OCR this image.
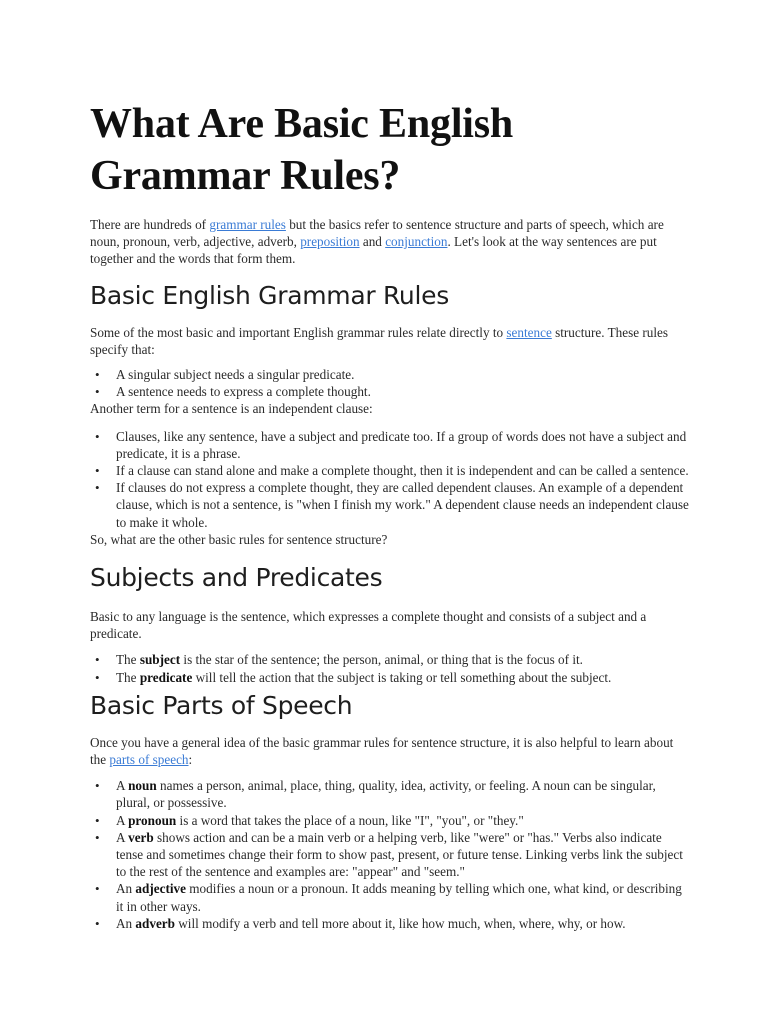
What Are Basic English Grammar Rules?

There are hundreds of grammar rules but the basics refer to sentence structure and parts of speech, which are noun, pronoun, verb, adjective, adverb, preposition and conjunction. Let's look at the way sentences are put together and the words that form them.

Basic English Grammar Rules

Some of the most basic and important English grammar rules relate directly to sentence structure. These rules specify that:

• A singular subject needs a singular predicate.
• A sentence needs to express a complete thought.

Another term for a sentence is an independent clause:

• Clauses, like any sentence, have a subject and predicate too. If a group of words does not have a subject and predicate, it is a phrase.
• If a clause can stand alone and make a complete thought, then it is independent and can be called a sentence.
• If clauses do not express a complete thought, they are called dependent clauses. An example of a dependent clause, which is not a sentence, is "when I finish my work." A dependent clause needs an independent clause to make it whole.

So, what are the other basic rules for sentence structure?

Subjects and Predicates

Basic to any language is the sentence, which expresses a complete thought and consists of a subject and a predicate.

• The subject is the star of the sentence; the person, animal, or thing that is the focus of it.
• The predicate will tell the action that the subject is taking or tell something about the subject.
Basic Parts of Speech

Once you have a general idea of the basic grammar rules for sentence structure, it is also helpful to learn about the parts of speech:

• A noun names a person, animal, place, thing, quality, idea, activity, or feeling. A noun can be singular, plural, or possessive.
• A pronoun is a word that takes the place of a noun, like "I", "you", or "they."
• A verb shows action and can be a main verb or a helping verb, like "were" or "has." Verbs also indicate tense and sometimes change their form to show past, present, or future tense. Linking verbs link the subject to the rest of the sentence and examples are: "appear" and "seem."
• An adjective modifies a noun or a pronoun. It adds meaning by telling which one, what kind, or describing it in other ways.
• An adverb will modify a verb and tell more about it, like how much, when, where, why, or how.
